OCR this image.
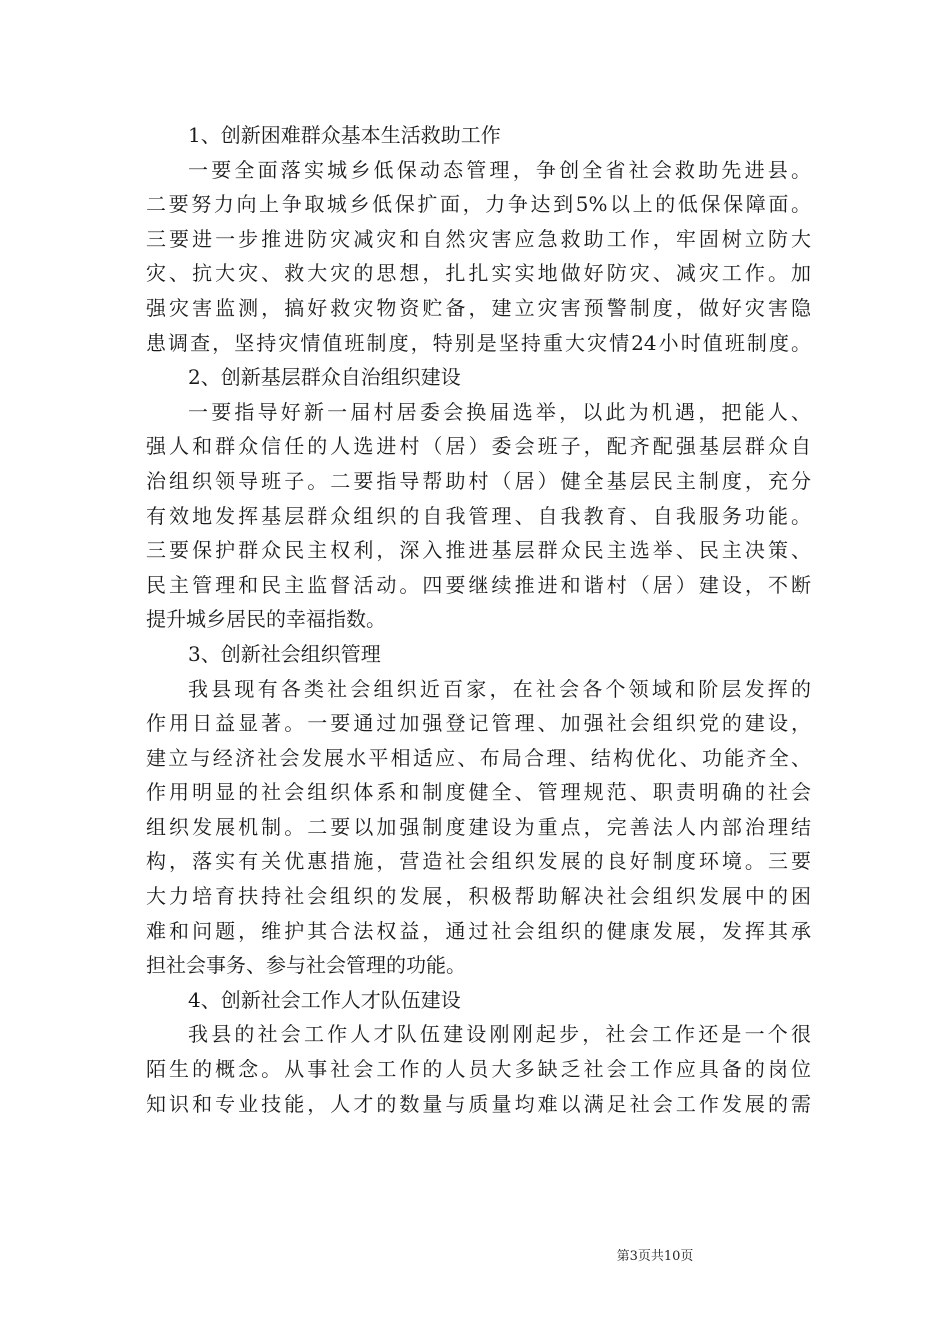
1、创新困难群众基本生活救助工作
一要全面落实城乡低保动态管理，争创全省社会救助先进县。
二要努力向上争取城乡低保扩面，力争达到5%以上的低保保障面。
三要进一步推进防灾减灾和自然灾害应急救助工作，牢固树立防大
灾、抗大灾、救大灾的思想，扎扎实实地做好防灾、减灾工作。加
强灾害监测，搞好救灾物资贮备，建立灾害预警制度，做好灾害隐
患调查，坚持灾情值班制度，特别是坚持重大灾情24小时值班制度。
2、创新基层群众自治组织建设
一要指导好新一届村居委会换届选举，以此为机遇，把能人、
强人和群众信任的人选进村（居）委会班子，配齐配强基层群众自
治组织领导班子。二要指导帮助村（居）健全基层民主制度，充分
有效地发挥基层群众组织的自我管理、自我教育、自我服务功能。
三要保护群众民主权利，深入推进基层群众民主选举、民主决策、
民主管理和民主监督活动。四要继续推进和谐村（居）建设，不断
提升城乡居民的幸福指数。
3、创新社会组织管理
我县现有各类社会组织近百家，在社会各个领域和阶层发挥的
作用日益显著。一要通过加强登记管理、加强社会组织党的建设，
建立与经济社会发展水平相适应、布局合理、结构优化、功能齐全、
作用明显的社会组织体系和制度健全、管理规范、职责明确的社会
组织发展机制。二要以加强制度建设为重点，完善法人内部治理结
构，落实有关优惠措施，营造社会组织发展的良好制度环境。三要
大力培育扶持社会组织的发展，积极帮助解决社会组织发展中的困
难和问题，维护其合法权益，通过社会组织的健康发展，发挥其承
担社会事务、参与社会管理的功能。
4、创新社会工作人才队伍建设
我县的社会工作人才队伍建设刚刚起步，社会工作还是一个很
陌生的概念。从事社会工作的人员大多缺乏社会工作应具备的岗位
知识和专业技能，人才的数量与质量均难以满足社会工作发展的需
第3页共10页
